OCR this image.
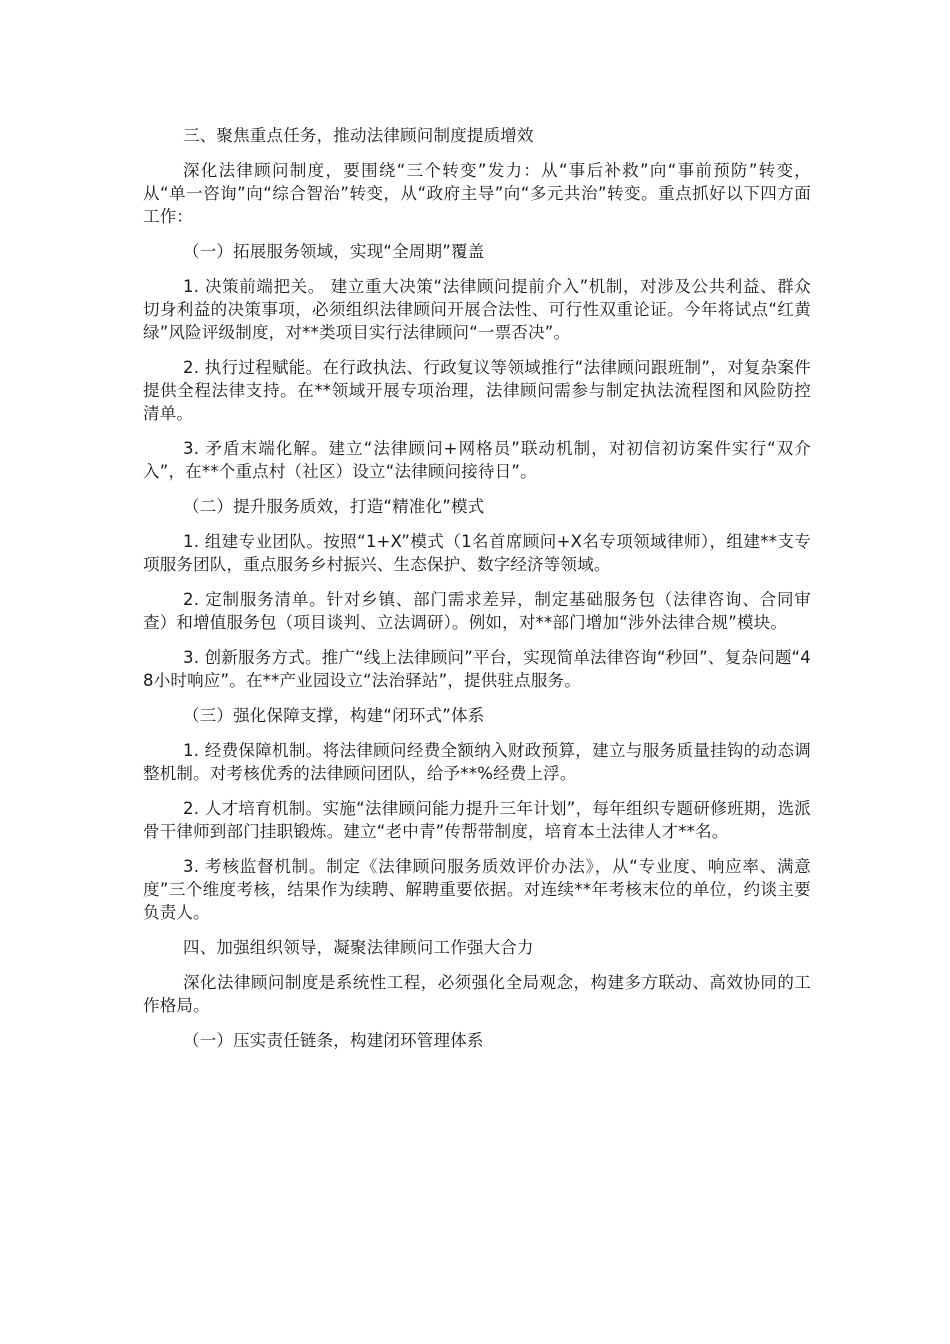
三、聚焦重点任务，推动法律顾问制度提质增效

深化法律顾问制度，要围绕“三个转变”发力：从“事后补救”向“事前预防”转变，从“单一咨询”向“综合智治”转变，从“政府主导”向“多元共治”转变。重点抓好以下四方面工作：

（一）拓展服务领域，实现“全周期”覆盖

1. 决策前端把关。 建立重大决策“法律顾问提前介入”机制，对涉及公共利益、群众切身利益的决策事项，必须组织法律顾问开展合法性、可行性双重论证。今年将试点“红黄绿”风险评级制度，对**类项目实行法律顾问“一票否决”。

2. 执行过程赋能。在行政执法、行政复议等领域推行“法律顾问跟班制”，对复杂案件提供全程法律支持。在**领域开展专项治理，法律顾问需参与制定执法流程图和风险防控清单。

3. 矛盾末端化解。建立“法律顾问+网格员”联动机制，对初信初访案件实行“双介入”，在**个重点村（社区）设立“法律顾问接待日”。

（二）提升服务质效，打造“精准化”模式

1. 组建专业团队。按照“1+X”模式（1名首席顾问+X名专项领域律师），组建**支专项服务团队，重点服务乡村振兴、生态保护、数字经济等领域。

2. 定制服务清单。针对乡镇、部门需求差异，制定基础服务包（法律咨询、合同审查）和增值服务包（项目谈判、立法调研）。例如，对**部门增加“涉外法律合规”模块。

3. 创新服务方式。推广“线上法律顾问”平台，实现简单法律咨询“秒回”、复杂问题“48小时响应”。在**产业园设立“法治驿站”，提供驻点服务。

（三）强化保障支撑，构建“闭环式”体系

1. 经费保障机制。将法律顾问经费全额纳入财政预算，建立与服务质量挂钩的动态调整机制。对考核优秀的法律顾问团队，给予**%经费上浮。

2. 人才培育机制。实施“法律顾问能力提升三年计划”，每年组织专题研修班期，选派骨干律师到部门挂职锻炼。建立“老中青”传帮带制度，培育本土法律人才**名。

3. 考核监督机制。制定《法律顾问服务质效评价办法》，从“专业度、响应率、满意度”三个维度考核，结果作为续聘、解聘重要依据。对连续**年考核末位的单位，约谈主要负责人。

四、加强组织领导，凝聚法律顾问工作强大合力

深化法律顾问制度是系统性工程，必须强化全局观念，构建多方联动、高效协同的工作格局。

（一）压实责任链条，构建闭环管理体系
